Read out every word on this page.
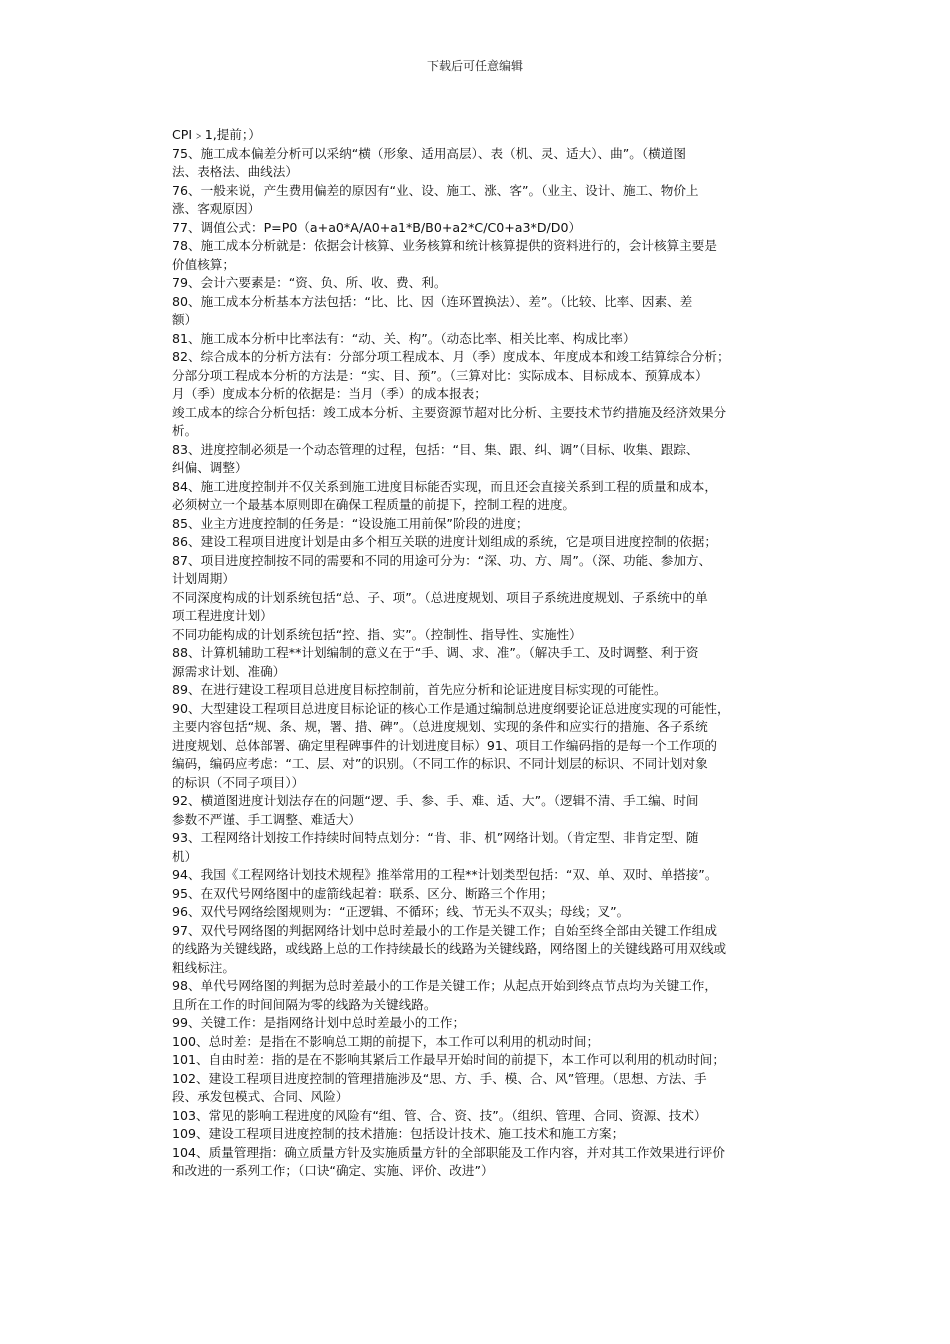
下载后可任意编辑
CPI﹥1,提前；）
75、施工成本偏差分析可以采纳“横（形象、适用高层）、表（机、灵、适大）、曲”。（横道图
法、表格法、曲线法）
76、一般来说，产生费用偏差的原因有“业、设、施工、涨、客”。（业主、设计、施工、物价上
涨、客观原因）
77、调值公式：P=P0（a+a0*A/A0+a1*B/B0+a2*C/C0+a3*D/D0）
78、施工成本分析就是：依据会计核算、业务核算和统计核算提供的资料进行的，会计核算主要是
价值核算；
79、会计六要素是：“资、负、所、收、费、利。
80、施工成本分析基本方法包括：“比、比、因（连环置换法）、差”。（比较、比率、因素、差
额）
81、施工成本分析中比率法有：“动、关、构”。（动态比率、相关比率、构成比率）
82、综合成本的分析方法有：分部分项工程成本、月（季）度成本、年度成本和竣工结算综合分析；
分部分项工程成本分析的方法是：“实、目、预”。（三算对比：实际成本、目标成本、预算成本）
月（季）度成本分析的依据是：当月（季）的成本报表；
竣工成本的综合分析包括：竣工成本分析、主要资源节超对比分析、主要技术节约措施及经济效果分
析。
83、进度控制必须是一个动态管理的过程，包括：“目、集、跟、纠、调”（目标、收集、跟踪、
纠偏、调整）
84、施工进度控制并不仅关系到施工进度目标能否实现，而且还会直接关系到工程的质量和成本，
必须树立一个最基本原则即在确保工程质量的前提下，控制工程的进度。
85、业主方进度控制的任务是：“设设施工用前保”阶段的进度；
86、建设工程项目进度计划是由多个相互关联的进度计划组成的系统，它是项目进度控制的依据；
87、项目进度控制按不同的需要和不同的用途可分为：“深、功、方、周”。（深、功能、参加方、
计划周期）
不同深度构成的计划系统包括“总、子、项”。（总进度规划、项目子系统进度规划、子系统中的单
项工程进度计划）
不同功能构成的计划系统包括“控、指、实”。（控制性、指导性、实施性）
88、计算机辅助工程**计划编制的意义在于“手、调、求、准”。（解决手工、及时调整、利于资
源需求计划、准确）
89、在进行建设工程项目总进度目标控制前，首先应分析和论证进度目标实现的可能性。
90、大型建设工程项目总进度目标论证的核心工作是通过编制总进度纲要论证总进度实现的可能性，
主要内容包括“规、条、规，署、措、碑”。（总进度规划、实现的条件和应实行的措施、各子系统
进度规划、总体部署、确定里程碑事件的计划进度目标）91、项目工作编码指的是每一个工作项的
编码，编码应考虑：“工、层、对”的识别。（不同工作的标识、不同计划层的标识、不同计划对象
的标识（不同子项目））
92、横道图进度计划法存在的问题“逻、手、参、手、难、适、大”。（逻辑不清、手工编、时间
参数不严谨、手工调整、难适大）
93、工程网络计划按工作持续时间特点划分：“肯、非、机”网络计划。（肯定型、非肯定型、随
机）
94、我国《工程网络计划技术规程》推举常用的工程**计划类型包括：“双、单、双时、单搭接”。
95、在双代号网络图中的虚箭线起着：联系、区分、断路三个作用；
96、双代号网络绘图规则为：“正逻辑、不循环；线、节无头不双头；母线；叉”。
97、双代号网络图的判据网络计划中总时差最小的工作是关键工作；自始至终全部由关键工作组成
的线路为关键线路，或线路上总的工作持续最长的线路为关键线路，网络图上的关键线路可用双线或
粗线标注。
98、单代号网络图的判据为总时差最小的工作是关键工作；从起点开始到终点节点均为关键工作，
且所在工作的时间间隔为零的线路为关键线路。
99、关键工作：是指网络计划中总时差最小的工作；
100、总时差：是指在不影响总工期的前提下，本工作可以利用的机动时间；
101、自由时差：指的是在不影响其紧后工作最早开始时间的前提下，本工作可以利用的机动时间；
102、建设工程项目进度控制的管理措施涉及“思、方、手、模、合、风”管理。（思想、方法、手
段、承发包模式、合同、风险）
103、常见的影响工程进度的风险有“组、管、合、资、技”。（组织、管理、合同、资源、技术）
109、建设工程项目进度控制的技术措施：包括设计技术、施工技术和施工方案；
104、质量管理指：确立质量方针及实施质量方针的全部职能及工作内容，并对其工作效果进行评价
和改进的一系列工作；（口诀“确定、实施、评价、改进”）
